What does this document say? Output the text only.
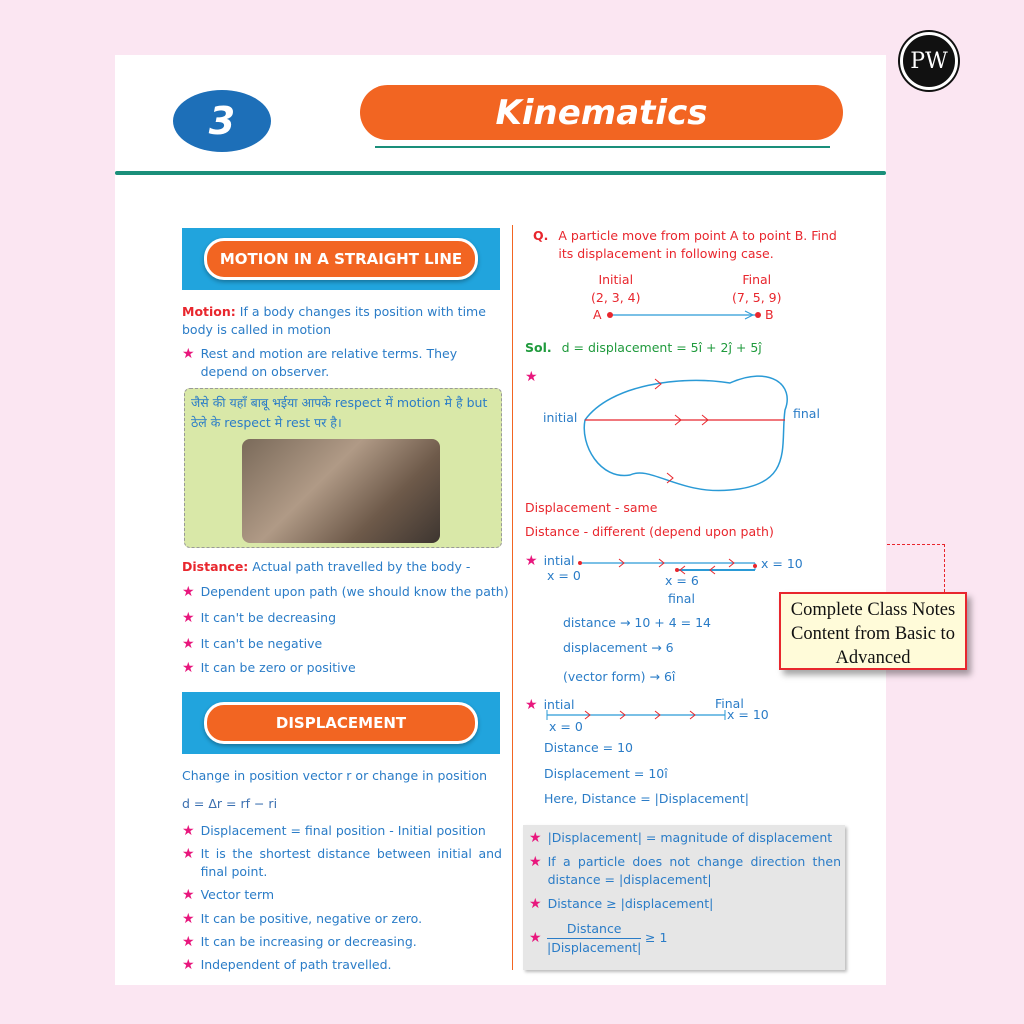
PW
3	Kinematics
MOTION IN A STRAIGHT LINE
Motion: If a body changes its position with time body is called in motion
★ Rest and motion are relative terms. They depend on observer.
जैसे की यहाँ बाबू भईया आपके respect में motion मे है but ठेले के respect मे rest पर है।
Distance: Actual path travelled by the body -
★ Dependent upon path (we should know the path)
★ It can't be decreasing
★ It can't be negative
★ It can be zero or positive
DISPLACEMENT
Change in position vector r or change in position
d = Δr = rf − ri
★ Displacement = final position - Initial position
★ It is the shortest distance between initial and final point.
★ Vector term
★ It can be positive, negative or zero.
★ It can be increasing or decreasing.
★ Independent of path travelled.
Q. A particle move from point A to point B. Find its displacement in following case.
Initial
(2, 3, 4)
Final
(7, 5, 9)
A	B
Sol. d = displacement = 5î + 2ĵ + 5ĵ
★
initial	final
Displacement - same
Distance - different (depend upon path)
★ intial
x = 0
x = 10
x = 6
final
distance → 10 + 4 = 14
displacement → 6
(vector form) → 6î
★ intial
x = 0
Final
x = 10
Distance = 10
Displacement = 10î
Here, Distance = |Displacement|
★ |Displacement| = magnitude of displacement
★ If a particle does not change direction then distance = |displacement|
★ Distance ≥ |displacement|
★
Distance
|Displacement|
≥ 1
Complete Class Notes Content from Basic to Advanced
